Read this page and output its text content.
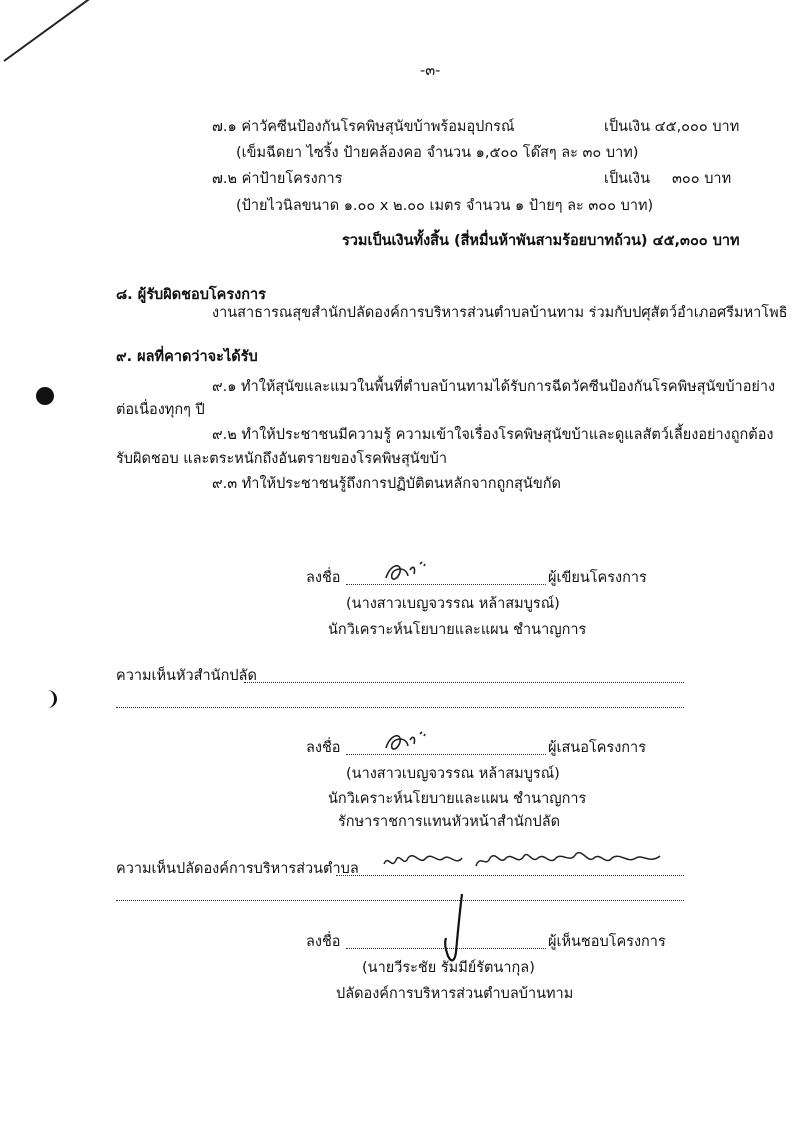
-๓-
๗.๑ ค่าวัคซีนป้องกันโรคพิษสุนัขบ้าพร้อมอุปกรณ์	เป็นเงิน ๔๕,๐๐๐ บาท
(เข็มฉีดยา ไซริ้ง ป้ายคล้องคอ จำนวน ๑,๕๐๐ โด๊สๆ ละ ๓๐ บาท)
๗.๒ ค่าป้ายโครงการ	เป็นเงิน ๓๐๐ บาท
(ป้ายไวนิลขนาด ๑.๐๐ x ๒.๐๐ เมตร จำนวน ๑ ป้ายๆ ละ ๓๐๐ บาท)
รวมเป็นเงินทั้งสิ้น (สี่หมื่นห้าพันสามร้อยบาทถ้วน) ๔๕,๓๐๐ บาท
๘. ผู้รับผิดชอบโครงการ
งานสาธารณสุขสำนักปลัดองค์การบริหารส่วนตำบลบ้านทาม ร่วมกับปศุสัตว์อำเภอศรีมหาโพธิ
๙. ผลที่คาดว่าจะได้รับ
๙.๑ ทำให้สุนัขและแมวในพื้นที่ตำบลบ้านทามได้รับการฉีดวัคซีนป้องกันโรคพิษสุนัขบ้าอย่าง
ต่อเนื่องทุกๆ ปี
๙.๒ ทำให้ประชาชนมีความรู้ ความเข้าใจเรื่องโรคพิษสุนัขบ้าและดูแลสัตว์เลี้ยงอย่างถูกต้อง
รับผิดชอบ และตระหนักถึงอันตรายของโรคพิษสุนัขบ้า
๙.๓ ทำให้ประชาชนรู้ถึงการปฏิบัติตนหลักจากถูกสุนัขกัด
ลงชื่อ	ผู้เขียนโครงการ
(นางสาวเบญจวรรณ หล้าสมบูรณ์)
นักวิเคราะห์นโยบายและแผน ชำนาญการ
ความเห็นหัวสำนักปลัด
ลงชื่อ	ผู้เสนอโครงการ
(นางสาวเบญจวรรณ หล้าสมบูรณ์)
นักวิเคราะห์นโยบายและแผน ชำนาญการ
รักษาราชการแทนหัวหน้าสำนักปลัด
ความเห็นปลัดองค์การบริหารส่วนตำบล
ลงชื่อ	ผู้เห็นชอบโครงการ
(นายวีระชัย รัมมีย์รัตนากุล)
ปลัดองค์การบริหารส่วนตำบลบ้านทาม
